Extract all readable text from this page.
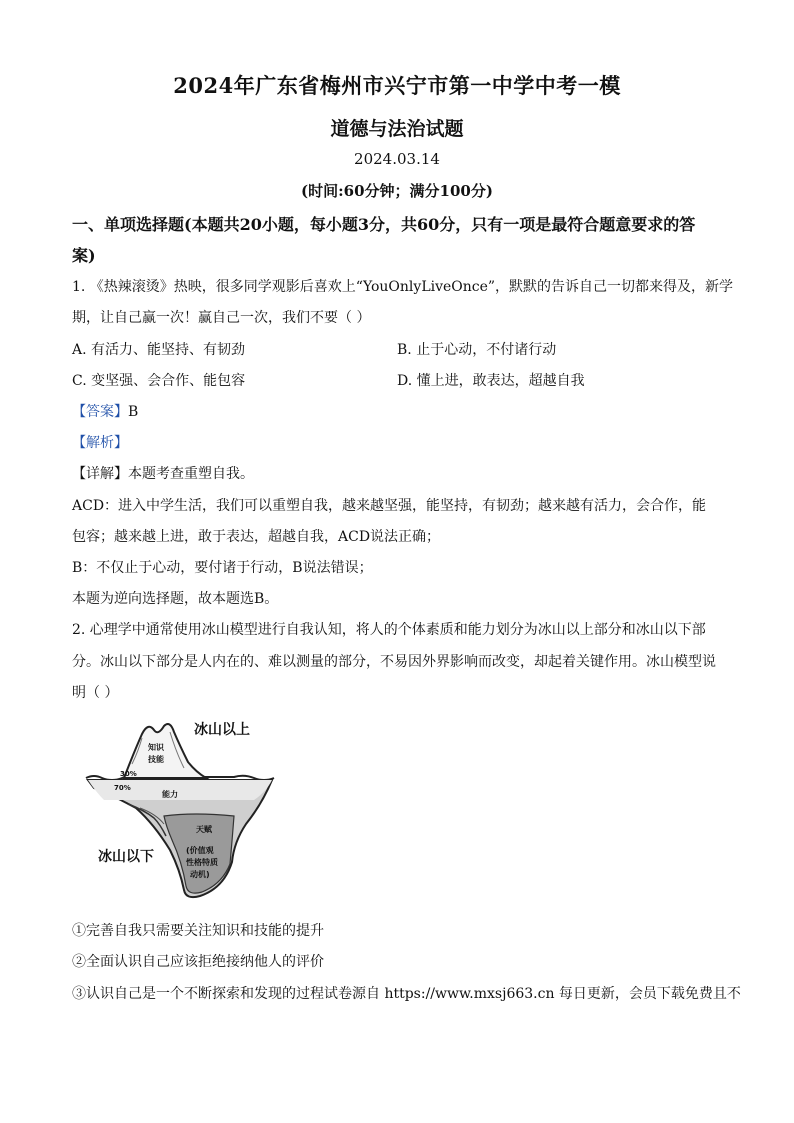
2024年广东省梅州市兴宁市第一中学中考一模
道德与法治试题
2024.03.14
(时间:60分钟；满分100分)
一、单项选择题(本题共20小题，每小题3分，共60分，只有一项是最符合题意要求的答
案)
1. 《热辣滚烫》热映，很多同学观影后喜欢上“YouOnlyLiveOnce”，默默的告诉自己一切都来得及，新学
期，让自己赢一次！赢自己一次，我们不要（ ）
A. 有活力、能坚持、有韧劲	B. 止于心动，不付诸行动
C. 变坚强、会合作、能包容	D. 懂上进，敢表达，超越自我
【答案】B
【解析】
【详解】本题考查重塑自我。
ACD：进入中学生活，我们可以重塑自我，越来越坚强，能坚持，有韧劲；越来越有活力，会合作，能
包容；越来越上进，敢于表达，超越自我，ACD说法正确；
B：不仅止于心动，要付诸于行动，B说法错误；
本题为逆向选择题，故本题选B。
2. 心理学中通常使用冰山模型进行自我认知，将人的个体素质和能力划分为冰山以上部分和冰山以下部
分。冰山以下部分是人内在的、难以测量的部分，不易因外界影响而改变，却起着关键作用。冰山模型说
明（ ）
冰山以上
知识
技能
30%
70%
能力
天赋
(价值观
性格特质
动机)
冰山以下
①完善自我只需要关注知识和技能的提升
②全面认识自己应该拒绝接纳他人的评价
③认识自己是一个不断探索和发现的过程试卷源自 https://www.mxsj663.cn 每日更新，会员下载免费且不
